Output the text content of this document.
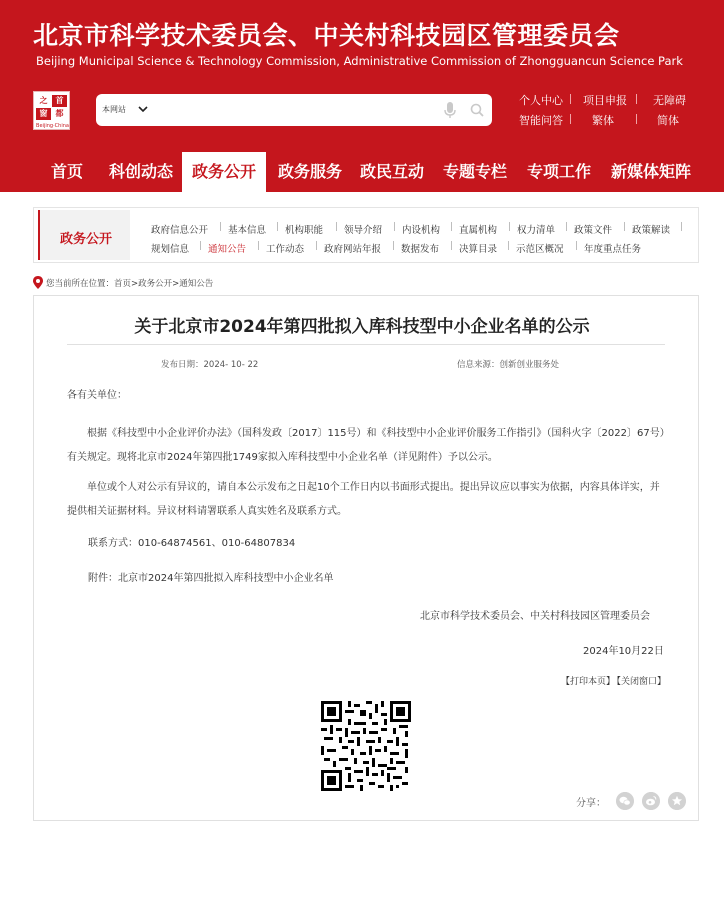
北京市科学技术委员会、中关村科技园区管理委员会
Beijing Municipal Science & Technology Commission, Administrative Commission of Zhongguancun Science Park
之	首
窗	都
Beijing·China
本网站
个人中心 项目申报 无障碍
智能问答	繁体	简体
首页	科创动态	政务公开	政务服务	政民互动	专题专栏	专项工作	新媒体矩阵
政务公开
政府信息公开 基本信息 机构职能 领导介绍 内设机构 直属机构 权力清单 政策文件 政策解读
规划信息 通知公告 工作动态 政府网站年报 数据发布 决算目录 示范区概况 年度重点任务
|	|	|	|	|	|	|	|	|
|	|	|	|	|	|	|
您当前所在位置：首页>政务公开>通知公告
关于北京市2024年第四批拟入库科技型中小企业名单的公示
发布日期：2024- 10- 22	信息来源：创新创业服务处
各有关单位：
根据《科技型中小企业评价办法》（国科发政〔2017〕115号）和《科技型中小企业评价服务工作指引》（国科火字〔2022〕67号）有关规定。现将北京市2024年第四批1749家拟入库科技型中小企业名单（详见附件）予以公示。
单位或个人对公示有异议的，请自本公示发布之日起10个工作日内以书面形式提出。提出异议应以事实为依据，内容具体详实，并提供相关证据材料。异议材料请署联系人真实姓名及联系方式。
联系方式：010-64874561、010-64807834
附件：北京市2024年第四批拟入库科技型中小企业名单
北京市科学技术委员会、中关村科技园区管理委员会
2024年10月22日
【打印本页】
【关闭窗口】
分享：
